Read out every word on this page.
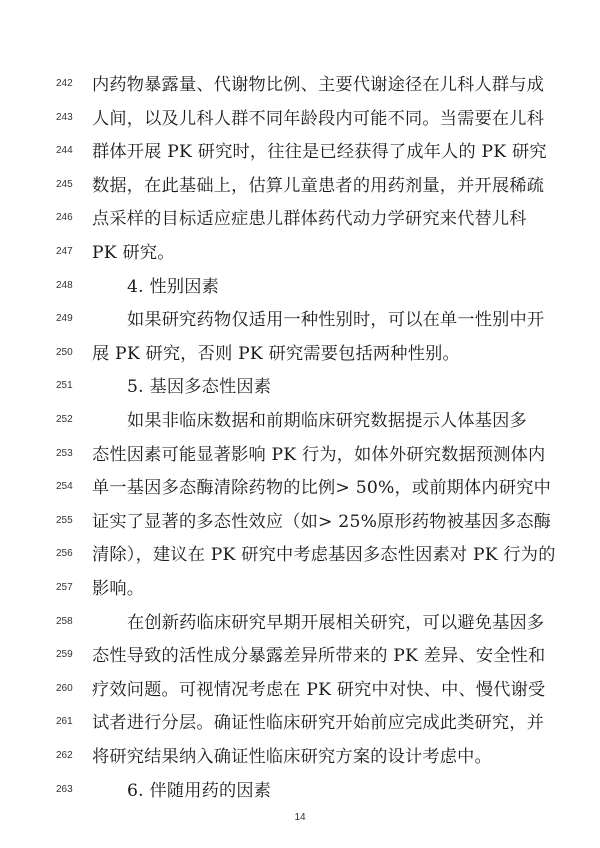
242 内药物暴露量、代谢物比例、主要代谢途径在儿科人群与成
243 人间，以及儿科人群不同年龄段内可能不同。当需要在儿科
244 群体开展 PK 研究时，往往是已经获得了成年人的 PK 研究
245 数据，在此基础上，估算儿童患者的用药剂量，并开展稀疏
246 点采样的目标适应症患儿群体药代动力学研究来代替儿科
247 PK 研究。
248	4. 性别因素
249	如果研究药物仅适用一种性别时，可以在单一性别中开
250 展 PK 研究，否则 PK 研究需要包括两种性别。
251	5. 基因多态性因素
252	如果非临床数据和前期临床研究数据提示人体基因多
253 态性因素可能显著影响 PK 行为，如体外研究数据预测体内
254 单一基因多态酶清除药物的比例> 50%，或前期体内研究中
255 证实了显著的多态性效应（如> 25%原形药物被基因多态酶
256 清除），建议在 PK 研究中考虑基因多态性因素对 PK 行为的
257 影响。
258	在创新药临床研究早期开展相关研究，可以避免基因多
259 态性导致的活性成分暴露差异所带来的 PK 差异、安全性和
260 疗效问题。可视情况考虑在 PK 研究中对快、中、慢代谢受
261 试者进行分层。确证性临床研究开始前应完成此类研究，并
262 将研究结果纳入确证性临床研究方案的设计考虑中。
263	6. 伴随用药的因素
14
